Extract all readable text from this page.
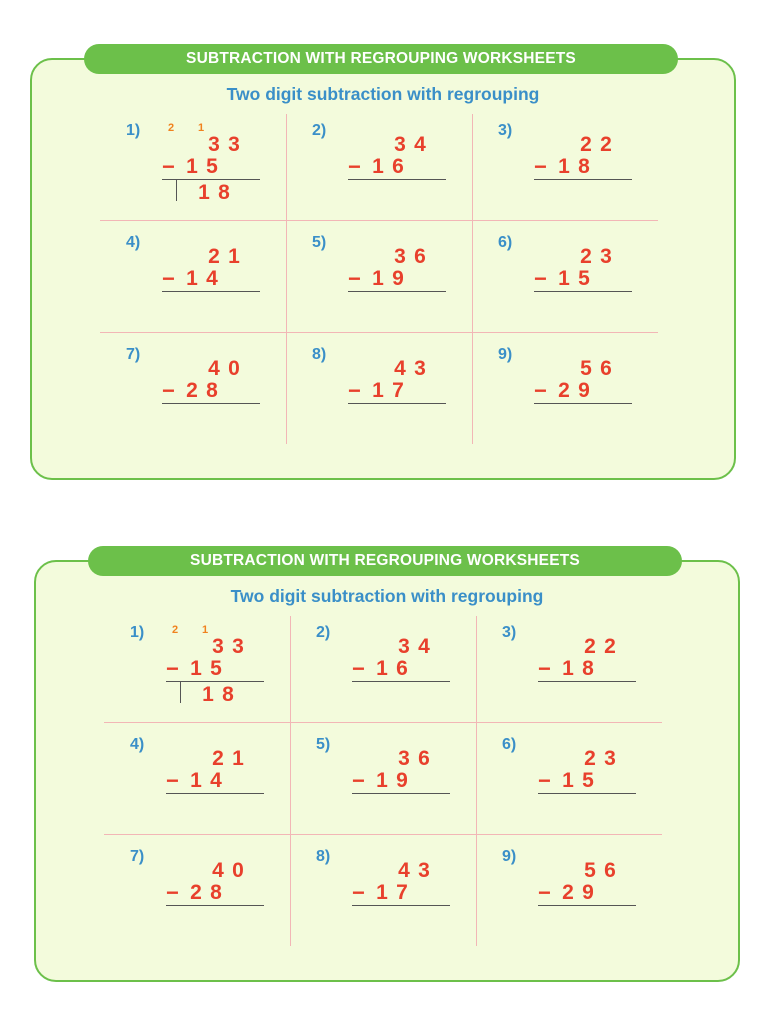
SUBTRACTION WITH REGROUPING WORKSHEETS
Two digit subtraction with regrouping
1)	2 1
3 3
− 1 5
1 8
2)
3 4
− 1 6
3)
2 2
− 1 8
4)
2 1
− 1 4
5)
3 6
− 1 9
6)
2 3
− 1 5
7)
4 0
− 2 8
8)
4 3
− 1 7
9)
5 6
− 2 9
SUBTRACTION WITH REGROUPING WORKSHEETS
Two digit subtraction with regrouping
1)	2 1
3 3
− 1 5
1 8
2)
3 4
− 1 6
3)
2 2
− 1 8
4)
2 1
− 1 4
5)
3 6
− 1 9
6)
2 3
− 1 5
7)
4 0
− 2 8
8)
4 3
− 1 7
9)
5 6
− 2 9
